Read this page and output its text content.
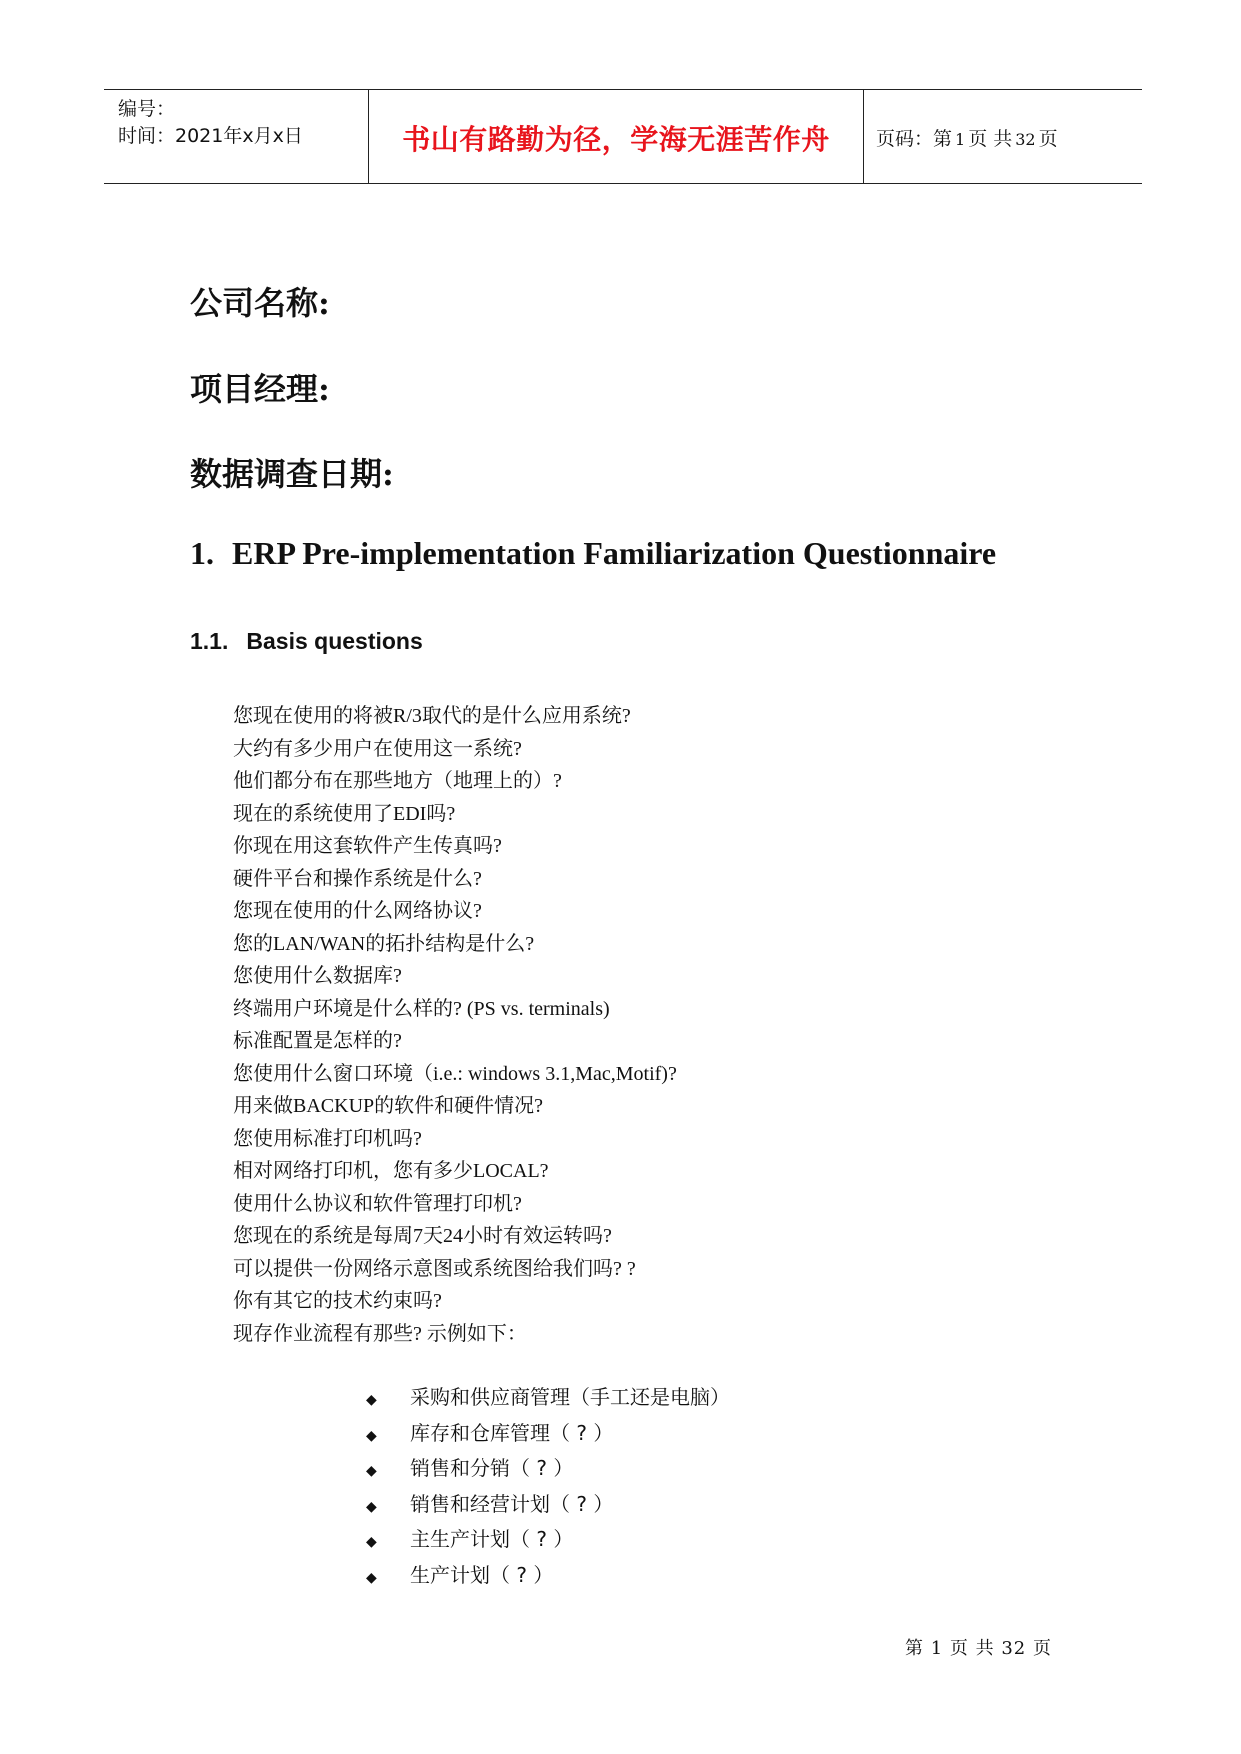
编号：
时间：2021年x月x日	书山有路勤为径，学海无涯苦作舟	页码：第 1 页 共 32 页
公司名称:
项目经理:
数据调查日期:
1. ERP Pre-implementation Familiarization Questionnaire
1.1. Basis questions
您现在使用的将被R/3取代的是什么应用系统?
大约有多少用户在使用这一系统?
他们都分布在那些地方（地理上的）?
现在的系统使用了EDI吗?
你现在用这套软件产生传真吗?
硬件平台和操作系统是什么?
您现在使用的什么网络协议?
您的LAN/WAN的拓扑结构是什么?
您使用什么数据库?
终端用户环境是什么样的? (PS vs. terminals)
标准配置是怎样的?
您使用什么窗口环境（i.e.: windows 3.1,Mac,Motif)?
用来做BACKUP的软件和硬件情况?
您使用标准打印机吗?
相对网络打印机，您有多少LOCAL?
使用什么协议和软件管理打印机?
您现在的系统是每周7天24小时有效运转吗?
可以提供一份网络示意图或系统图给我们吗? ?
你有其它的技术约束吗?
现存作业流程有那些? 示例如下：
◆ 采购和供应商管理（手工还是电脑）
◆ 库存和仓库管理（ ? ）
◆ 销售和分销（ ? ）
◆ 销售和经营计划（ ? ）
◆ 主生产计划（ ? ）
◆ 生产计划（ ? ）
第 1 页 共 32 页
